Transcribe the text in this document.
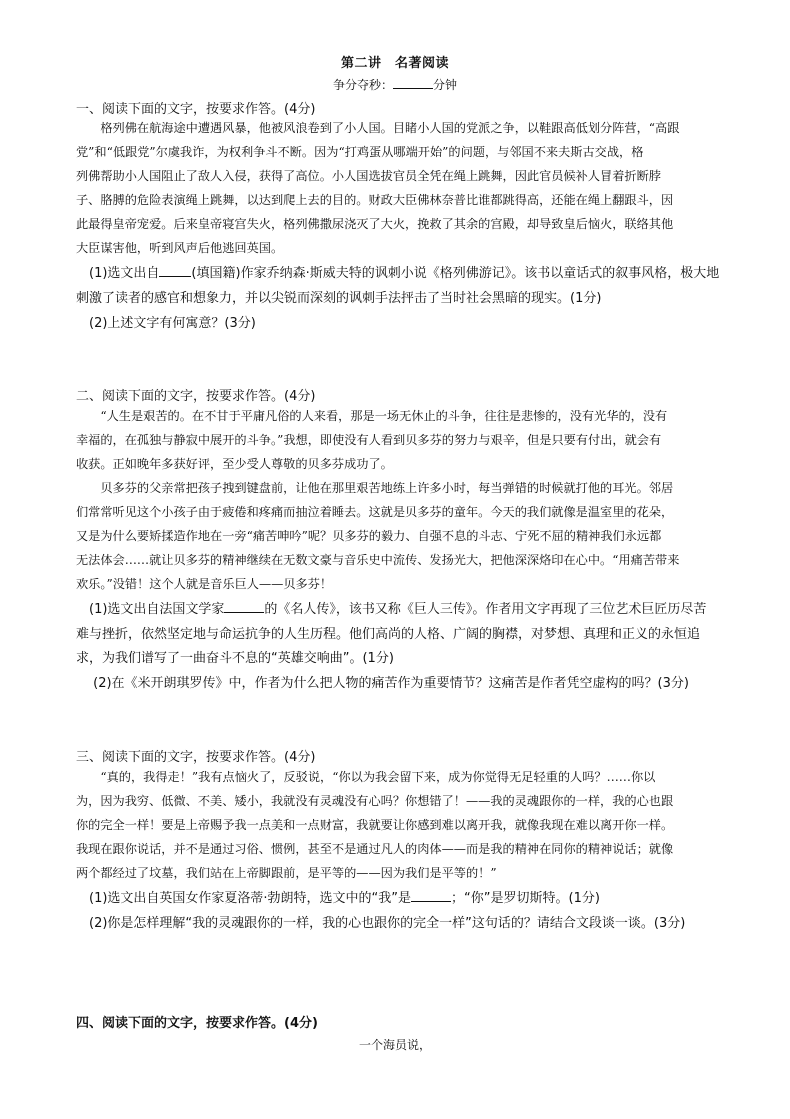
第二讲　名著阅读
争分夺秒：	分钟
一、阅读下面的文字，按要求作答。(4分)
　　格列佛在航海途中遭遇风暴，他被风浪卷到了小人国。目睹小人国的党派之争，以鞋跟高低划分阵营，“高跟
党”和“低跟党”尔虞我诈，为权利争斗不断。因为“打鸡蛋从哪端开始”的问题，与邻国不来夫斯古交战，格
列佛帮助小人国阻止了敌人入侵，获得了高位。小人国选拔官员全凭在绳上跳舞，因此官员候补人冒着折断脖
子、胳膊的危险表演绳上跳舞，以达到爬上去的目的。财政大臣佛林奈普比谁都跳得高，还能在绳上翻跟斗，因
此最得皇帝宠爱。后来皇帝寝宫失火，格列佛撒尿浇灭了大火，挽救了其余的宫殿，却导致皇后恼火，联络其他
大臣谋害他，听到风声后他逃回英国。
　(1)选文出自 (填国籍)作家乔纳森·斯威夫特的讽刺小说《格列佛游记》。该书以童话式的叙事风格，极大地
刺激了读者的感官和想象力，并以尖锐而深刻的讽刺手法抨击了当时社会黑暗的现实。(1分)
　(2)上述文字有何寓意？(3分)
二、阅读下面的文字，按要求作答。(4分)
　　“人生是艰苦的。在不甘于平庸凡俗的人来看，那是一场无休止的斗争，往往是悲惨的，没有光华的，没有
幸福的，在孤独与静寂中展开的斗争。”我想，即使没有人看到贝多芬的努力与艰辛，但是只要有付出，就会有
收获。正如晚年多获好评，至少受人尊敬的贝多芬成功了。
　　贝多芬的父亲常把孩子拽到键盘前，让他在那里艰苦地练上许多小时，每当弹错的时候就打他的耳光。邻居
们常常听见这个小孩子由于疲倦和疼痛而抽泣着睡去。这就是贝多芬的童年。今天的我们就像是温室里的花朵，
又是为什么要矫揉造作地在一旁“痛苦呻吟”呢？贝多芬的毅力、自强不息的斗志、宁死不屈的精神我们永远都
无法体会……就让贝多芬的精神继续在无数文豪与音乐史中流传、发扬光大，把他深深烙印在心中。“用痛苦带来
欢乐。”没错！这个人就是音乐巨人——贝多芬！
　(1)选文出自法国文学家	的《名人传》，该书又称《巨人三传》。作者用文字再现了三位艺术巨匠历尽苦
难与挫折，依然坚定地与命运抗争的人生历程。他们高尚的人格、广阔的胸襟，对梦想、真理和正义的永恒追
求，为我们谱写了一曲奋斗不息的“英雄交响曲”。(1分)
　 (2)在《米开朗琪罗传》中，作者为什么把人物的痛苦作为重要情节？这痛苦是作者凭空虚构的吗？(3分)
三、阅读下面的文字，按要求作答。(4分)
　　“真的，我得走！”我有点恼火了，反驳说，“你以为我会留下来，成为你觉得无足轻重的人吗？……你以
为，因为我穷、低微、不美、矮小，我就没有灵魂没有心吗？你想错了！——我的灵魂跟你的一样，我的心也跟
你的完全一样！要是上帝赐予我一点美和一点财富，我就要让你感到难以离开我，就像我现在难以离开你一样。
我现在跟你说话，并不是通过习俗、惯例，甚至不是通过凡人的肉体——而是我的精神在同你的精神说话；就像
两个都经过了坟墓，我们站在上帝脚跟前，是平等的——因为我们是平等的！”
　(1)选文出自英国女作家夏洛蒂·勃朗特，选文中的“我”是	；“你”是罗切斯特。(1分)
　(2)你是怎样理解“我的灵魂跟你的一样，我的心也跟你的完全一样”这句话的？请结合文段谈一谈。(3分)
四、阅读下面的文字，按要求作答。(4分)
一个海员说，
